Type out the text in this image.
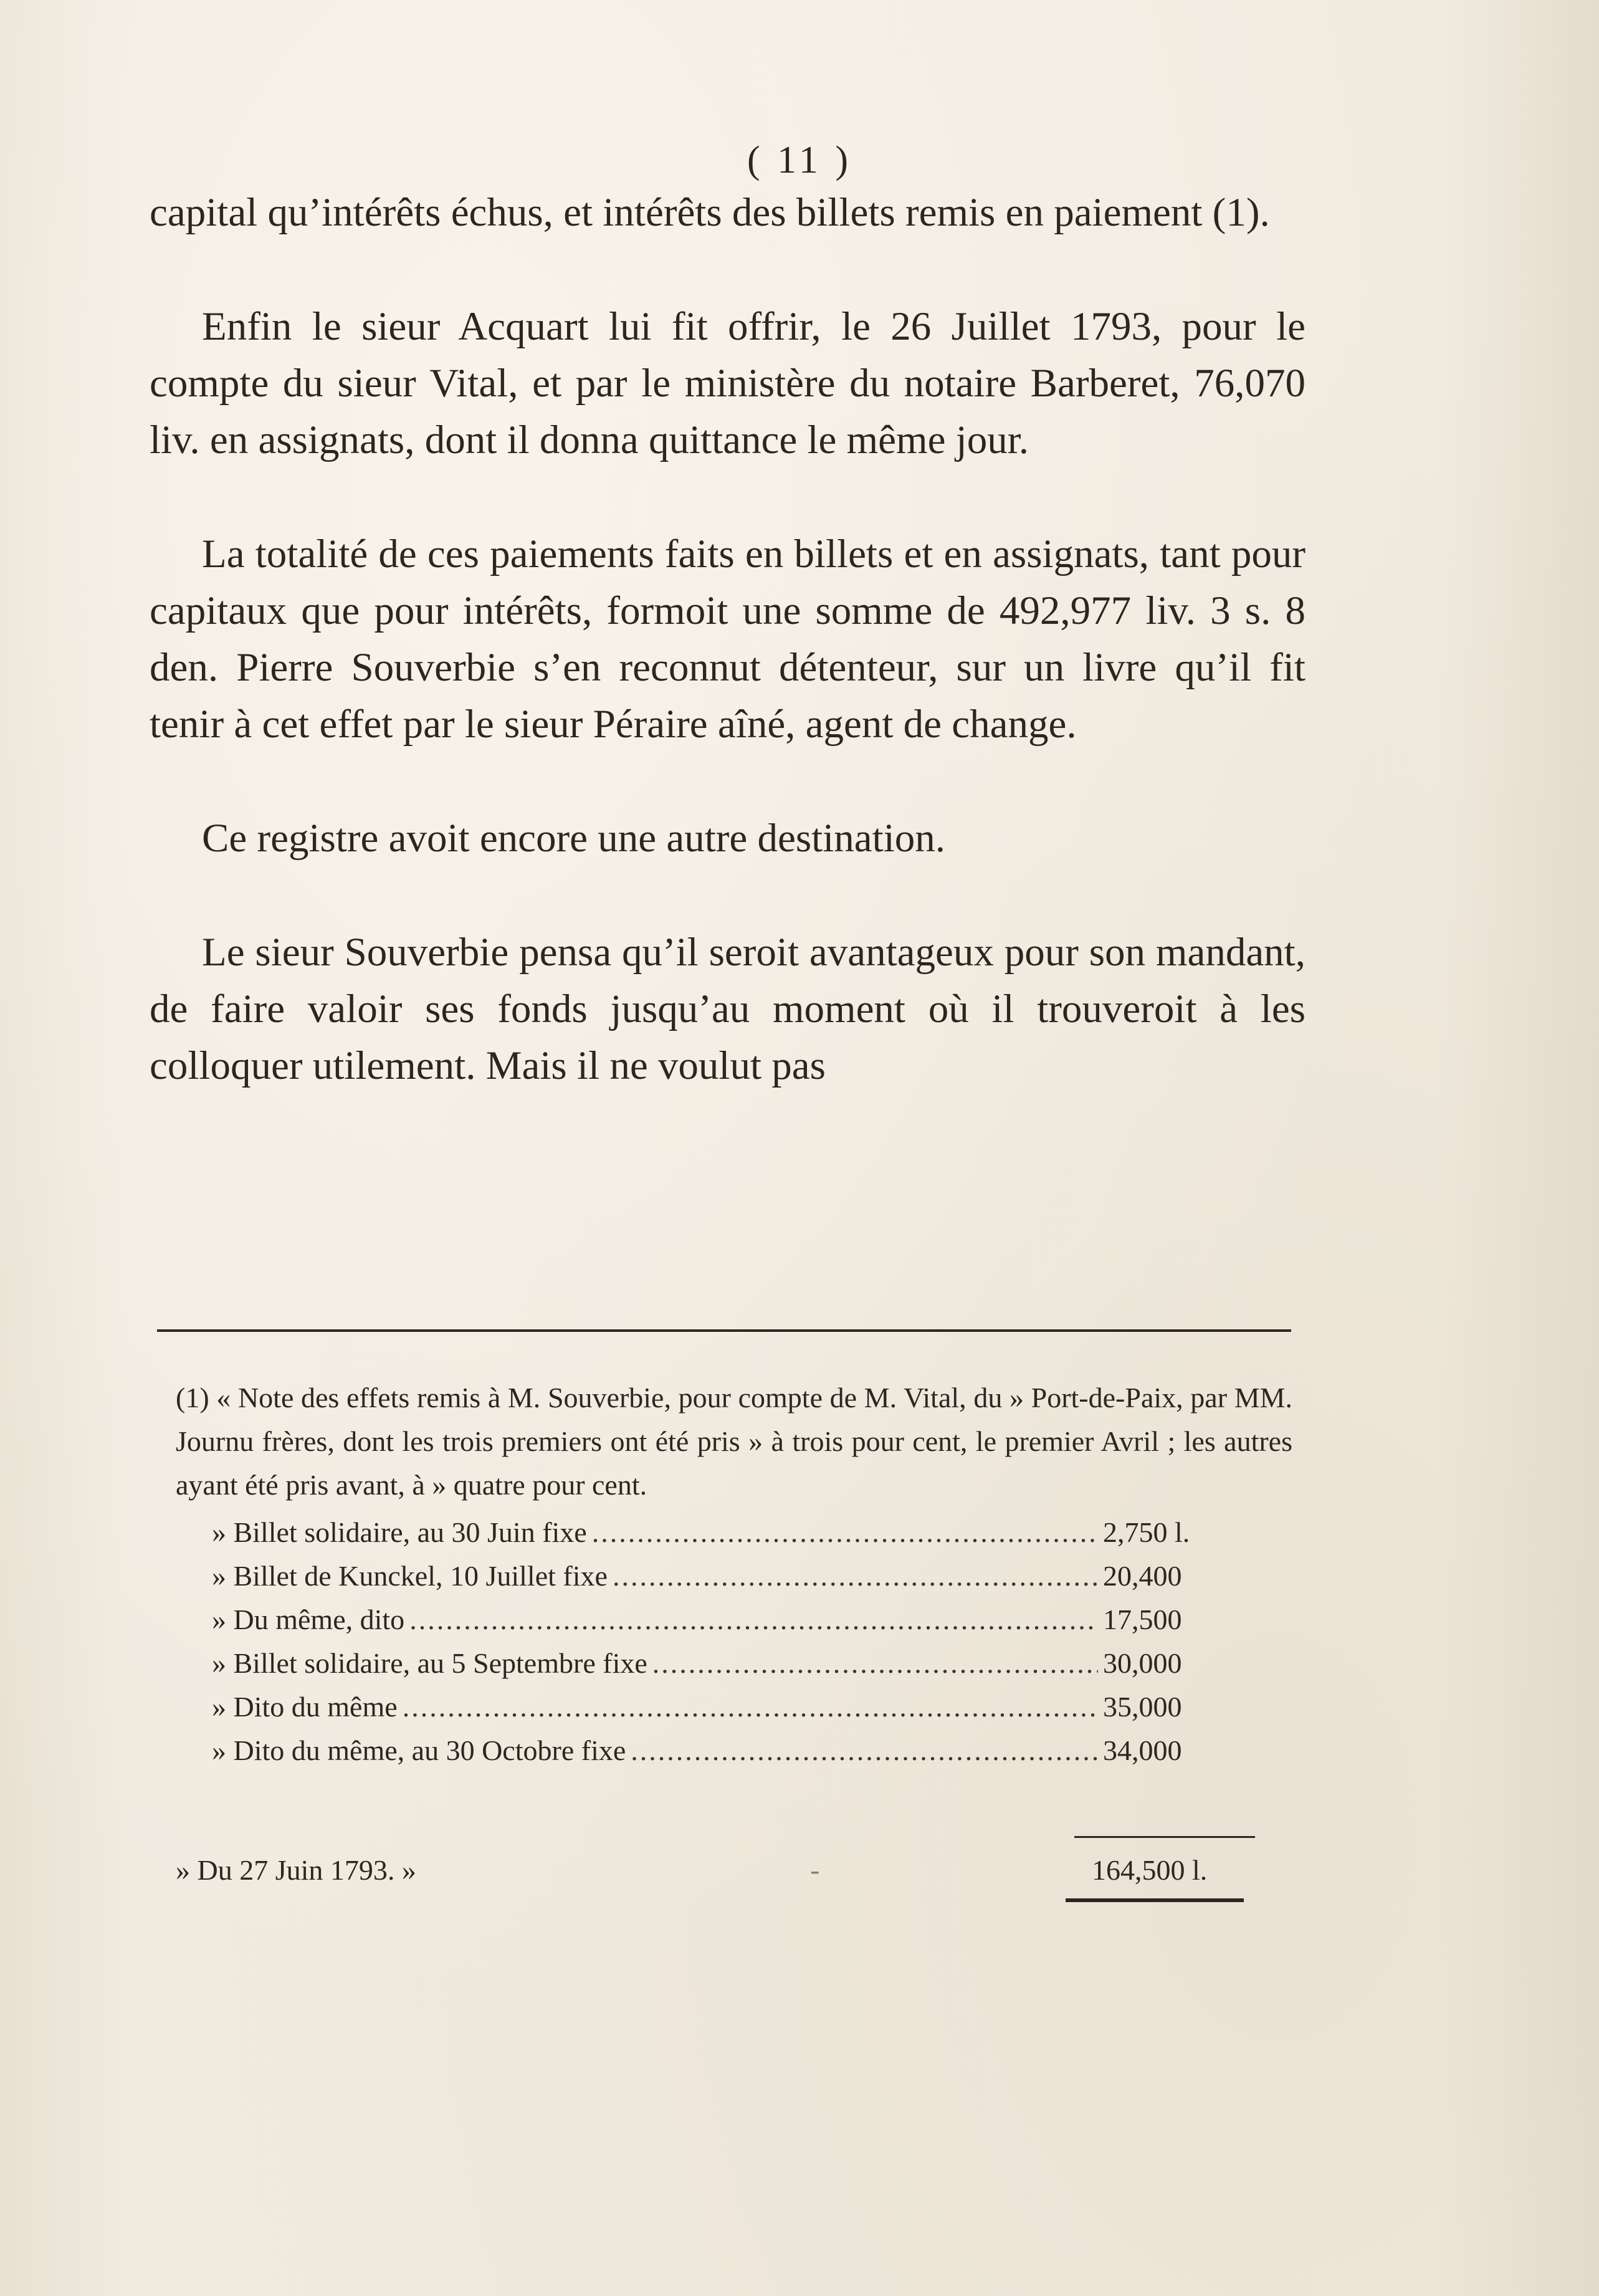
( 11 )

capital qu’intérêts échus, et intérêts des billets remis en paiement (1).

Enfin le sieur Acquart lui fit offrir, le 26 Juillet 1793, pour le compte du sieur Vital, et par le ministère du notaire Barberet, 76,070 liv. en assignats, dont il donna quittance le même jour.

La totalité de ces paiements faits en billets et en assignats, tant pour capitaux que pour intérêts, formoit une somme de 492,977 liv. 3 s. 8 den. Pierre Souverbie s’en reconnut détenteur, sur un livre qu’il fit tenir à cet effet par le sieur Péraire aîné, agent de change.

Ce registre avoit encore une autre destination.

Le sieur Souverbie pensa qu’il seroit avantageux pour son mandant, de faire valoir ses fonds jusqu’au moment où il trouveroit à les colloquer utilement. Mais il ne voulut pas

(1) « Note des effets remis à M. Souverbie, pour compte de M. Vital, du » Port-de-Paix, par MM. Journu frères, dont les trois premiers ont été pris » à trois pour cent, le premier Avril ; les autres ayant été pris avant, à » quatre pour cent.

» Billet solidaire, au 30 Juin fixe .....	2,750 l.
» Billet de Kunckel, 10 Juillet fixe .....	20,400
» Du même, dito .....	17,500
» Billet solidaire, au 5 Septembre fixe .....	30,000
» Dito du même .....	35,000
» Dito du même, au 30 Octobre fixe .....	34,000
» Du 27 Juin 1793. »	-	164,500 l.
